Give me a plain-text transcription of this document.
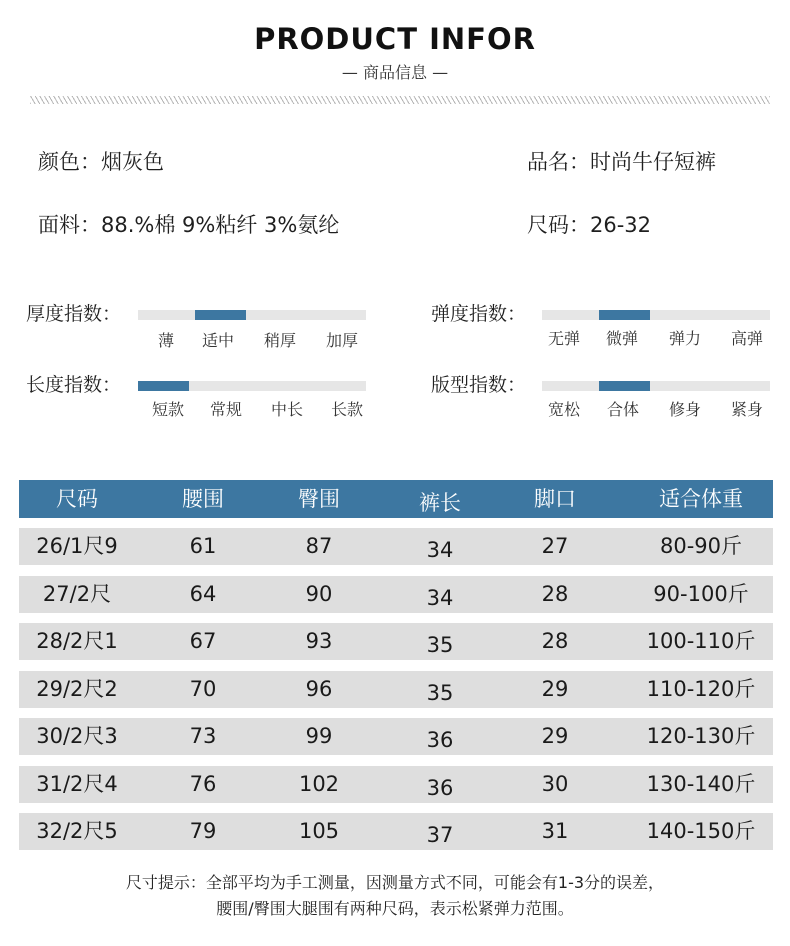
PRODUCT INFOR
— 商品信息 —
颜色：烟灰色	品名：时尚牛仔短裤
面料：88.%棉 9%粘纤 3%氨纶	尺码：26-32
厚度指数：
薄	适中	稍厚	加厚
弹度指数：
无弹	微弹	弹力	高弹
长度指数：
短款	常规	中长	长款
版型指数：
宽松	合体	修身	紧身
尺码	腰围	臀围	裤长	脚口	适合体重
26/1尺9	61	87	34	27	80-90斤
27/2尺	64	90	34	28	90-100斤
28/2尺1	67	93	35	28	100-110斤
29/2尺2	70	96	35	29	110-120斤
30/2尺3	73	99	36	29	120-130斤
31/2尺4	76	102	36	30	130-140斤
32/2尺5	79	105	37	31	140-150斤
尺寸提示：全部平均为手工测量，因测量方式不同，可能会有1-3分的误差，
腰围/臀围大腿围有两种尺码，表示松紧弹力范围。
